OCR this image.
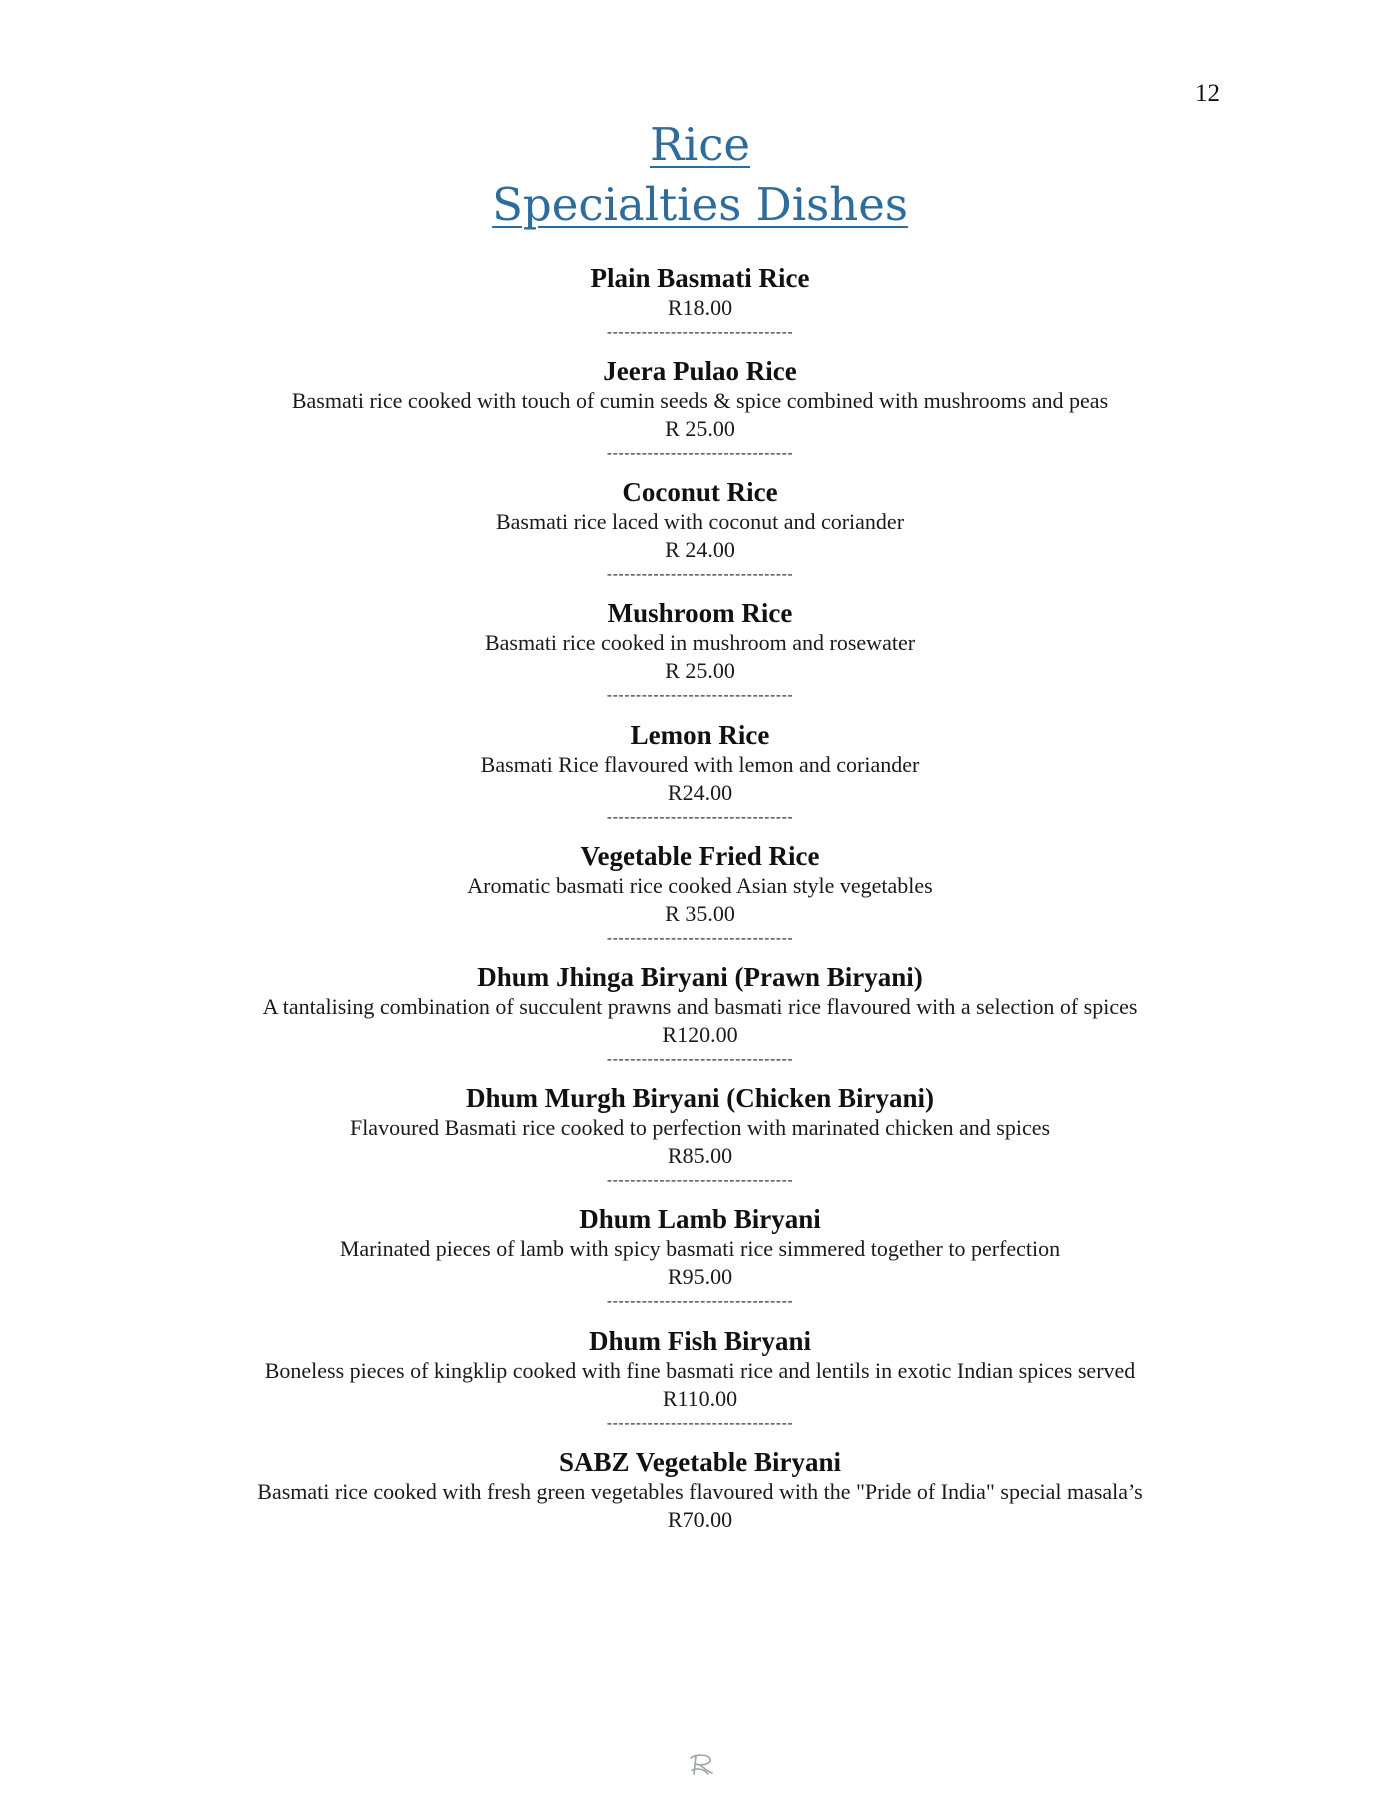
12
Rice
Specialties Dishes
Plain Basmati Rice
R18.00
--------------------------------
Jeera Pulao Rice
Basmati rice cooked with touch of cumin seeds & spice combined with mushrooms and peas
R 25.00
--------------------------------
Coconut Rice
Basmati rice laced with coconut and coriander
R 24.00
--------------------------------
Mushroom Rice
Basmati rice cooked in mushroom and rosewater
R 25.00
--------------------------------
Lemon Rice
Basmati Rice flavoured with lemon and coriander
R24.00
--------------------------------
Vegetable Fried Rice
Aromatic basmati rice cooked Asian style vegetables
R 35.00
--------------------------------
Dhum Jhinga Biryani (Prawn Biryani)
A tantalising combination of succulent prawns and basmati rice flavoured with a selection of spices
R120.00
--------------------------------
Dhum Murgh Biryani (Chicken Biryani)
Flavoured Basmati rice cooked to perfection with marinated chicken and spices
R85.00
--------------------------------
Dhum Lamb Biryani
Marinated pieces of lamb with spicy basmati rice simmered together to perfection
R95.00
--------------------------------
Dhum Fish Biryani
Boneless pieces of kingklip cooked with fine basmati rice and lentils in exotic Indian spices served
R110.00
--------------------------------
SABZ Vegetable Biryani
Basmati rice cooked with fresh green vegetables flavoured with the "Pride of India" special masala’s
R70.00
